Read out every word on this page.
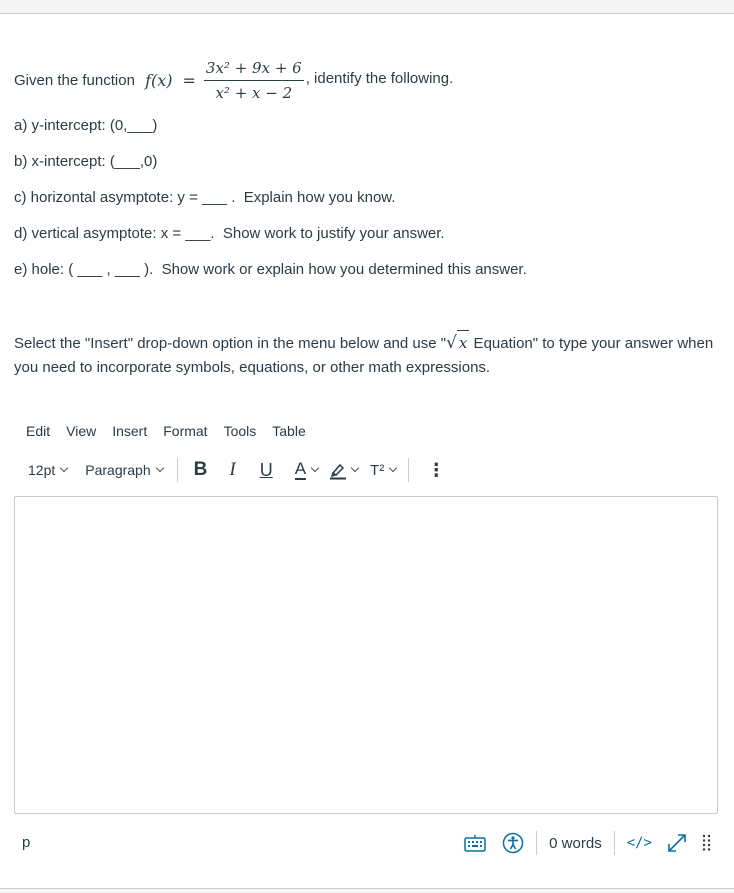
Given the function $f(x) = \frac{\text{3x² + 9x + 6}}{\text{x² + x − 2}}$ , identify the following.
a) y-intercept: (0,___)
b) x-intercept: (___,0)
c) horizontal asymptote: y = ___ .  Explain how you know.
d) vertical asymptote: x = ___.  Show work to justify your answer.
e) hole: ( ___ , ___ ).  Show work or explain how you determined this answer.
Select the "Insert" drop-down option in the menu below and use " √ x Equation" to type your answer when you need to incorporate symbols, equations, or other math expressions.
Edit View Insert Format Tools Table
12pt Paragraph B I U A	T² ⋮
p	0 words </>
